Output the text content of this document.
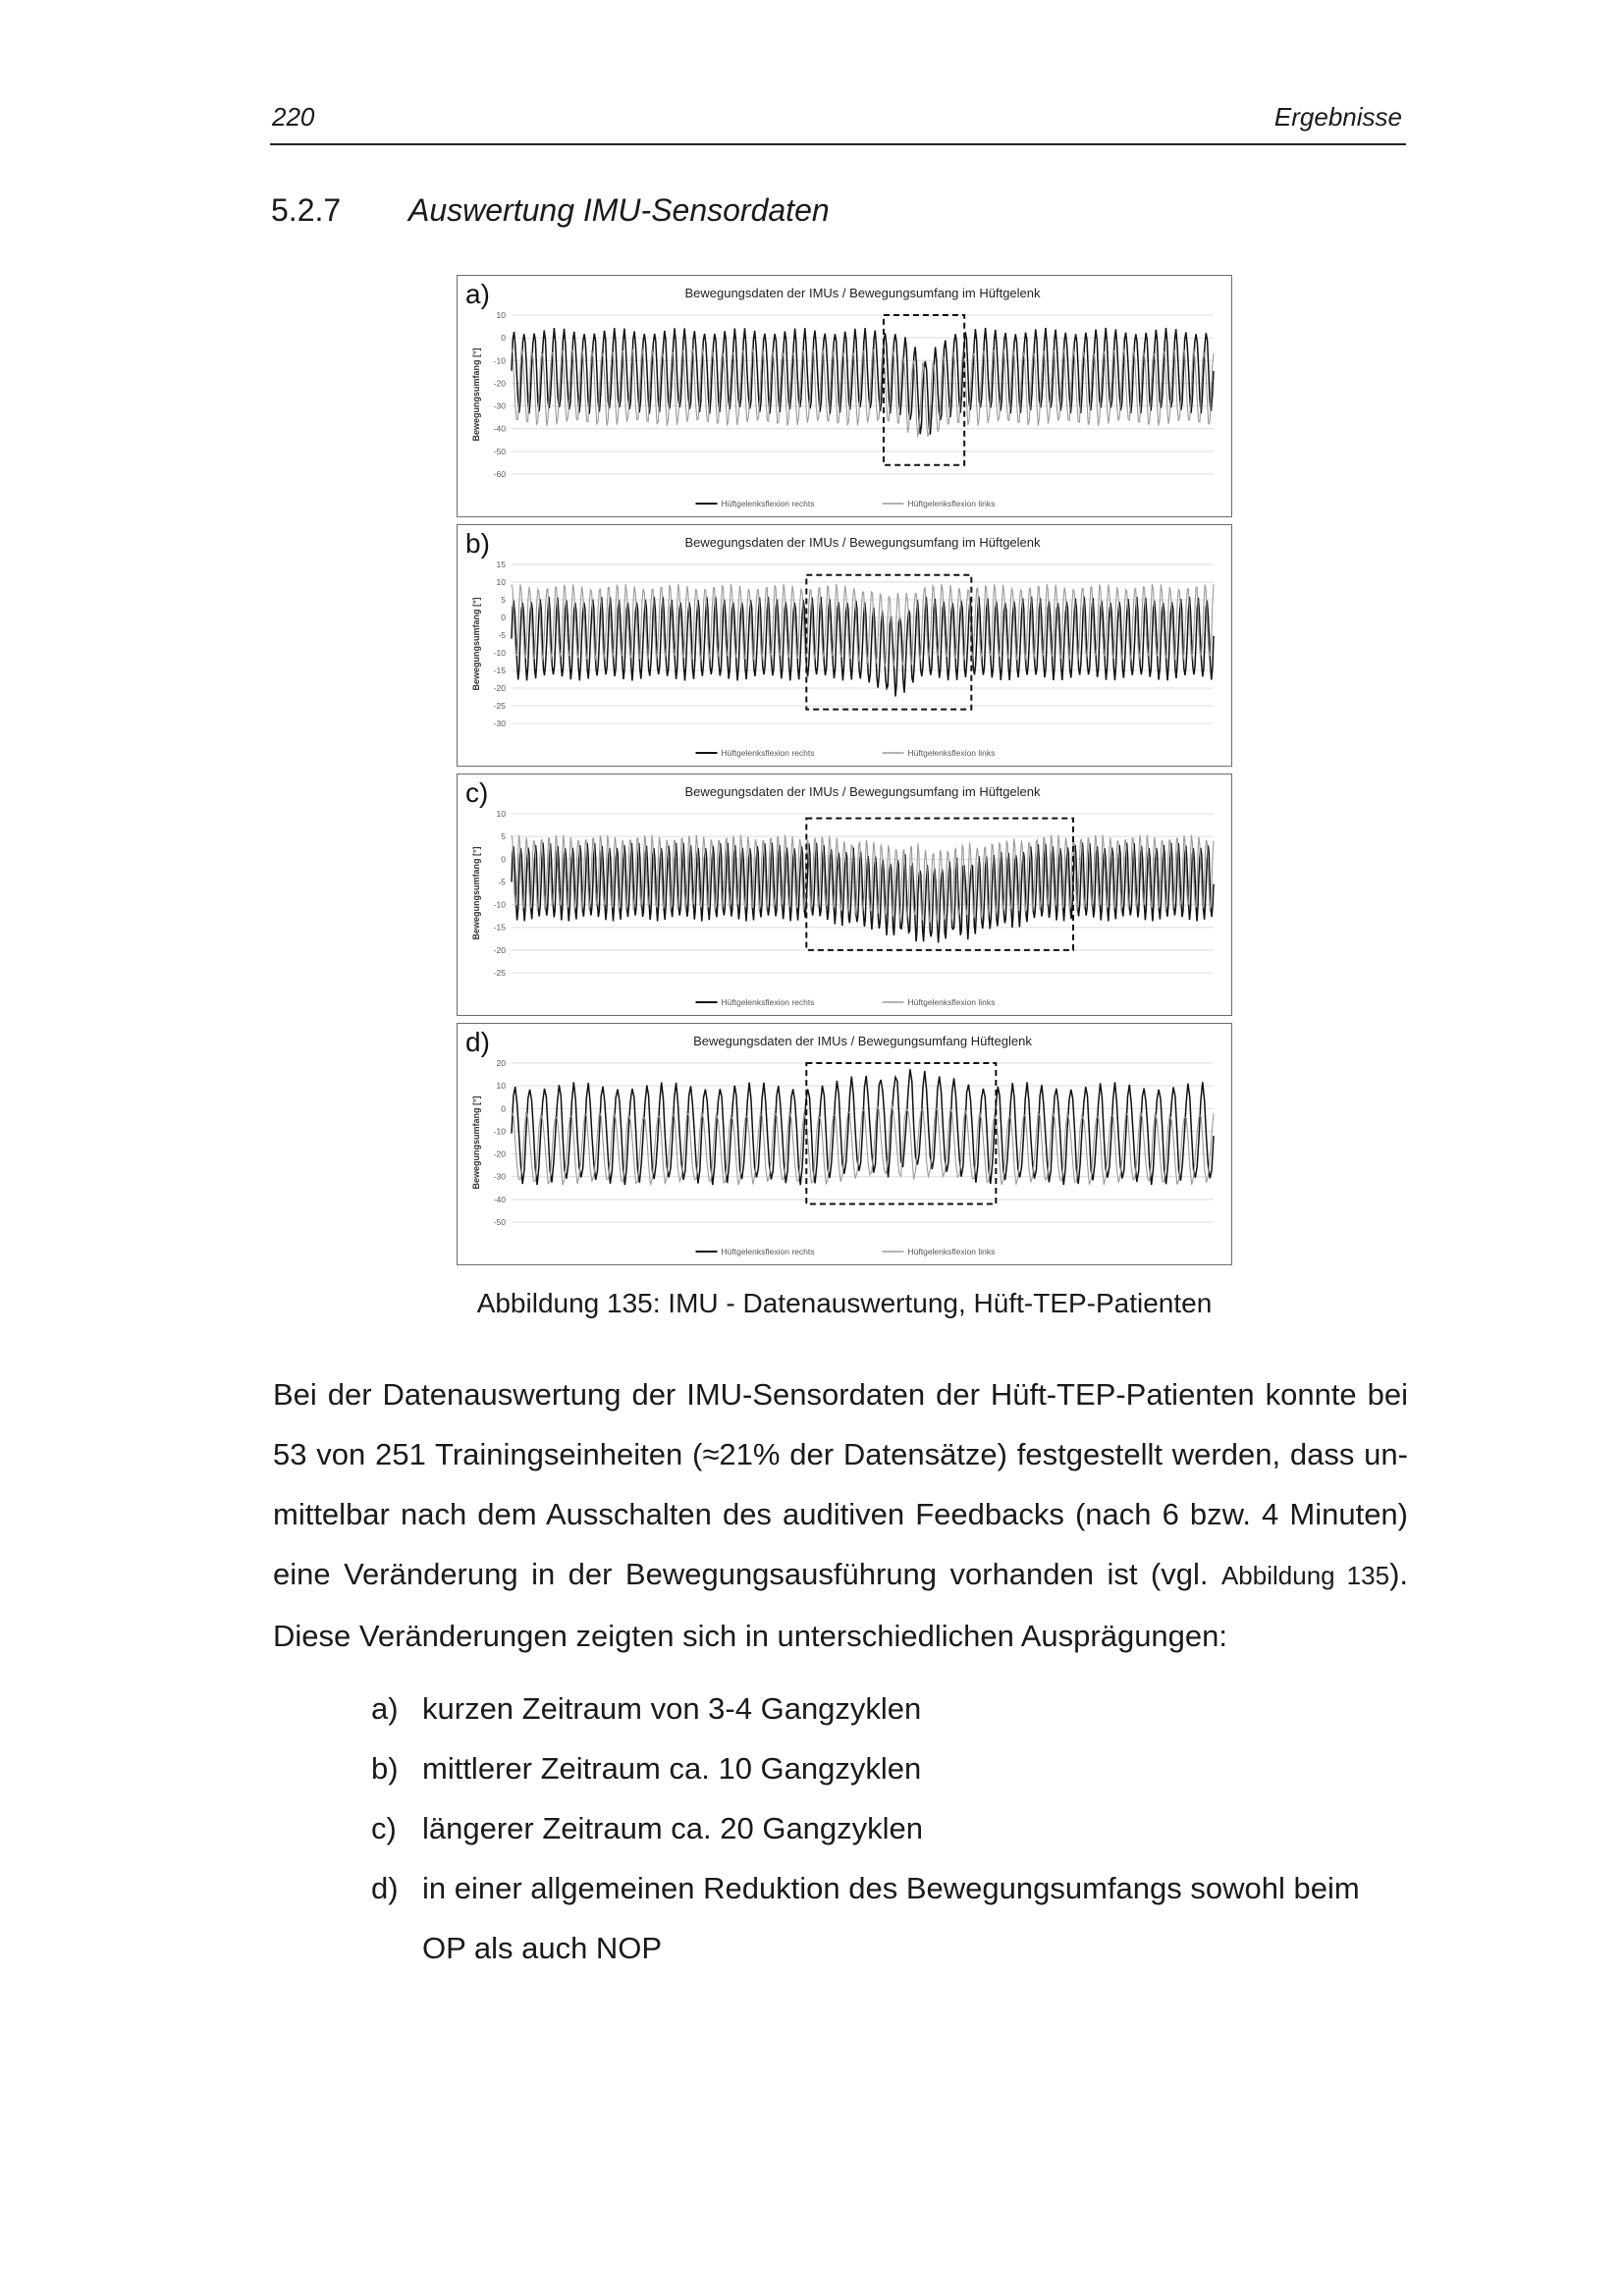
220	Ergebnisse
5.2.7 Auswertung IMU-Sensordaten
a)	Bewegungsdaten der IMUs / Bewegungsumfang im Hüftgelenk
Bewegungsumfang [°]
10
0
-10
-20
-30
-40
-50
-60
Hüftgelenksflexion rechts	Hüftgelenksflexion links
b)	Bewegungsdaten der IMUs / Bewegungsumfang im Hüftgelenk
Bewegungsumfang [°]
15
10
5
0
-5
-10
-15
-20
-25
-30
Hüftgelenksflexion rechts	Hüftgelenksflexion links
c)	Bewegungsdaten der IMUs / Bewegungsumfang im Hüftgelenk
Bewegungsumfang [°]
10
5
0
-5
-10
-15
-20
-25
Hüftgelenksflexion rechts	Hüftgelenksflexion links
d)	Bewegungsdaten der IMUs / Bewegungsumfang Hüfteglenk
Bewegungsumfang [°]
20
10
0
-10
-20
-30
-40
-50
Hüftgelenksflexion rechts	Hüftgelenksflexion links
Abbildung 135: IMU - Datenauswertung, Hüft-TEP-Patienten

Bei der Datenauswertung der IMU-Sensordaten der Hüft-TEP-Patienten konnte bei 53 von 251 Trainingseinheiten (≈21% der Datensätze) festgestellt werden, dass unmittelbar nach dem Ausschalten des auditiven Feedbacks (nach 6 bzw. 4 Minuten) eine Veränderung in der Bewegungsausführung vorhanden ist (vgl. Abbildung 135). Diese Veränderungen zeigten sich in unterschiedlichen Ausprägungen:

a) kurzen Zeitraum von 3-4 Gangzyklen
b) mittlerer Zeitraum ca. 10 Gangzyklen
c) längerer Zeitraum ca. 20 Gangzyklen
d) in einer allgemeinen Reduktion des Bewegungsumfangs sowohl beim OP als auch NOP
